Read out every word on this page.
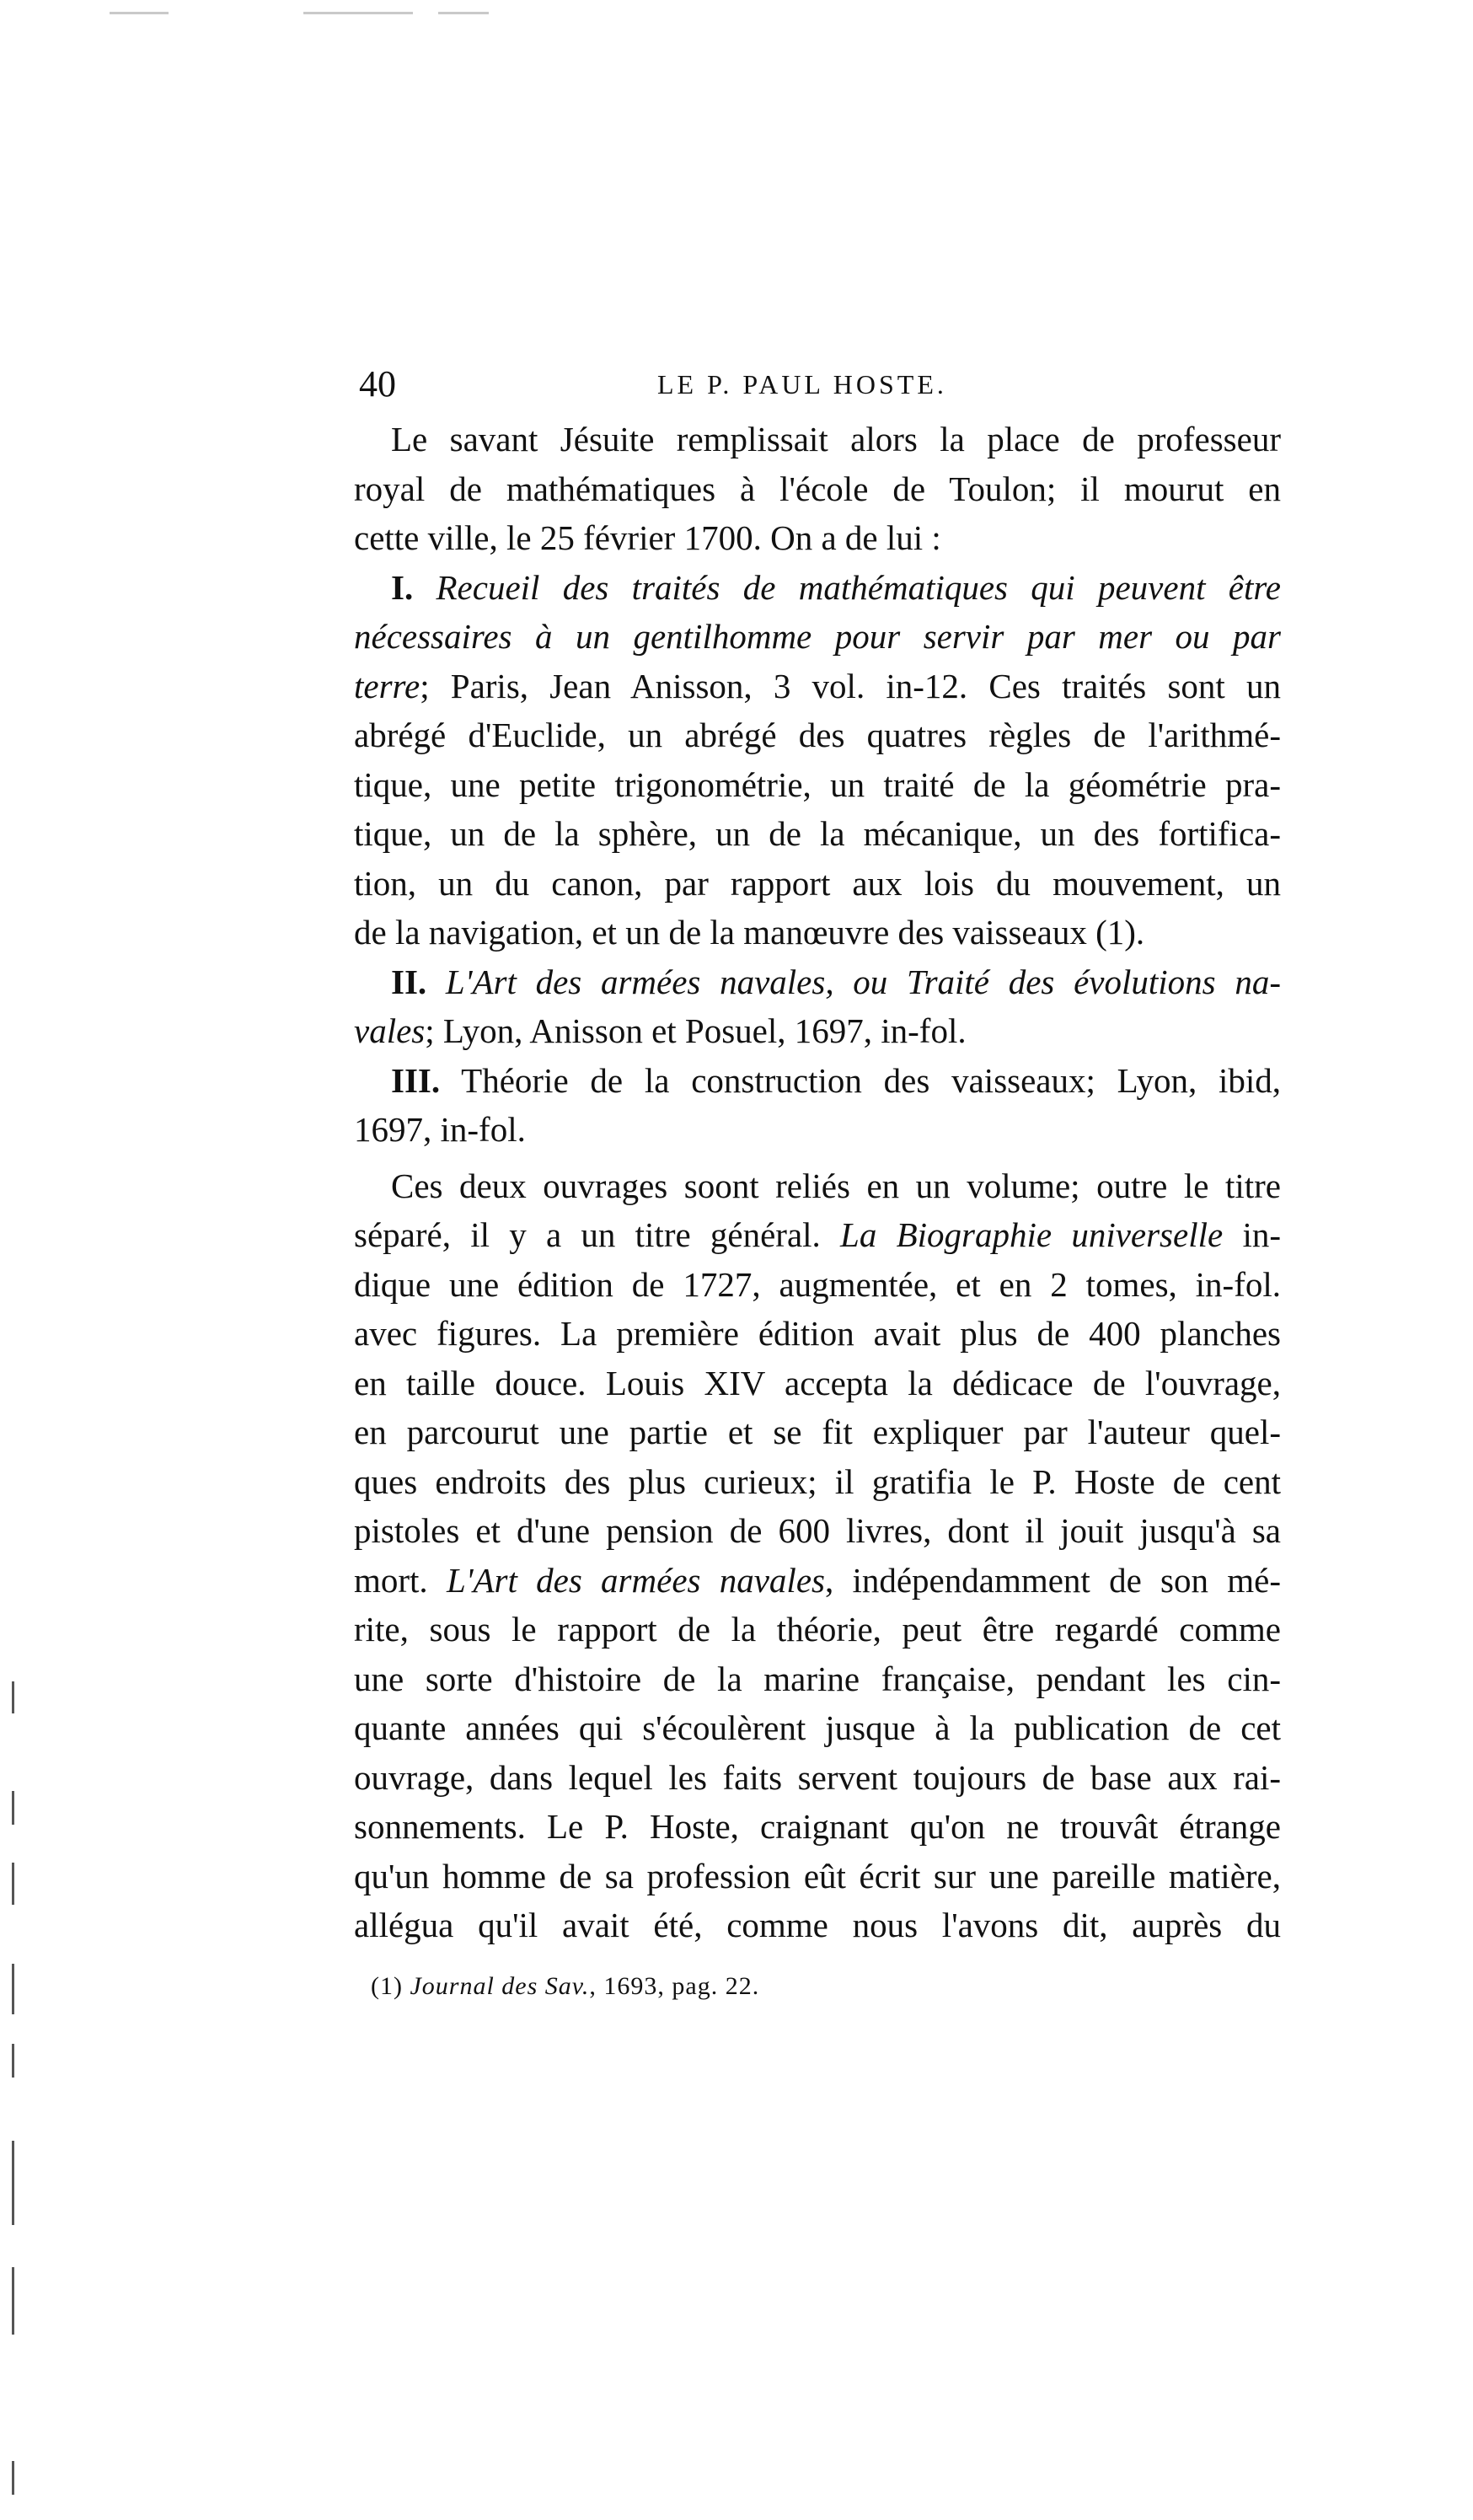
40	LE P. PAUL HOSTE.
Le savant Jésuite remplissait alors la place de professeur
royal de mathématiques à l'école de Toulon; il mourut en
cette ville, le 25 février 1700. On a de lui :
I. Recueil des traités de mathématiques qui peuvent être
nécessaires à un gentilhomme pour servir par mer ou par
terre; Paris, Jean Anisson, 3 vol. in-12. Ces traités sont un
abrégé d'Euclide, un abrégé des quatres règles de l'arithmé-
tique, une petite trigonométrie, un traité de la géométrie pra-
tique, un de la sphère, un de la mécanique, un des fortifica-
tion, un du canon, par rapport aux lois du mouvement, un
de la navigation, et un de la manœuvre des vaisseaux (1).
II. L'Art des armées navales, ou Traité des évolutions na-
vales; Lyon, Anisson et Posuel, 1697, in-fol.
III. Théorie de la construction des vaisseaux; Lyon, ibid,
1697, in-fol.
Ces deux ouvrages soont reliés en un volume; outre le titre
séparé, il y a un titre général. La Biographie universelle in-
dique une édition de 1727, augmentée, et en 2 tomes, in-fol.
avec figures. La première édition avait plus de 400 planches
en taille douce. Louis XIV accepta la dédicace de l'ouvrage,
en parcourut une partie et se fit expliquer par l'auteur quel-
ques endroits des plus curieux; il gratifia le P. Hoste de cent
pistoles et d'une pension de 600 livres, dont il jouit jusqu'à sa
mort. L'Art des armées navales, indépendamment de son mé-
rite, sous le rapport de la théorie, peut être regardé comme
une sorte d'histoire de la marine française, pendant les cin-
quante années qui s'écoulèrent jusque à la publication de cet
ouvrage, dans lequel les faits servent toujours de base aux rai-
sonnements. Le P. Hoste, craignant qu'on ne trouvât étrange
qu'un homme de sa profession eût écrit sur une pareille matière,
allégua qu'il avait été, comme nous l'avons dit, auprès du
(1) Journal des Sav., 1693, pag. 22.
